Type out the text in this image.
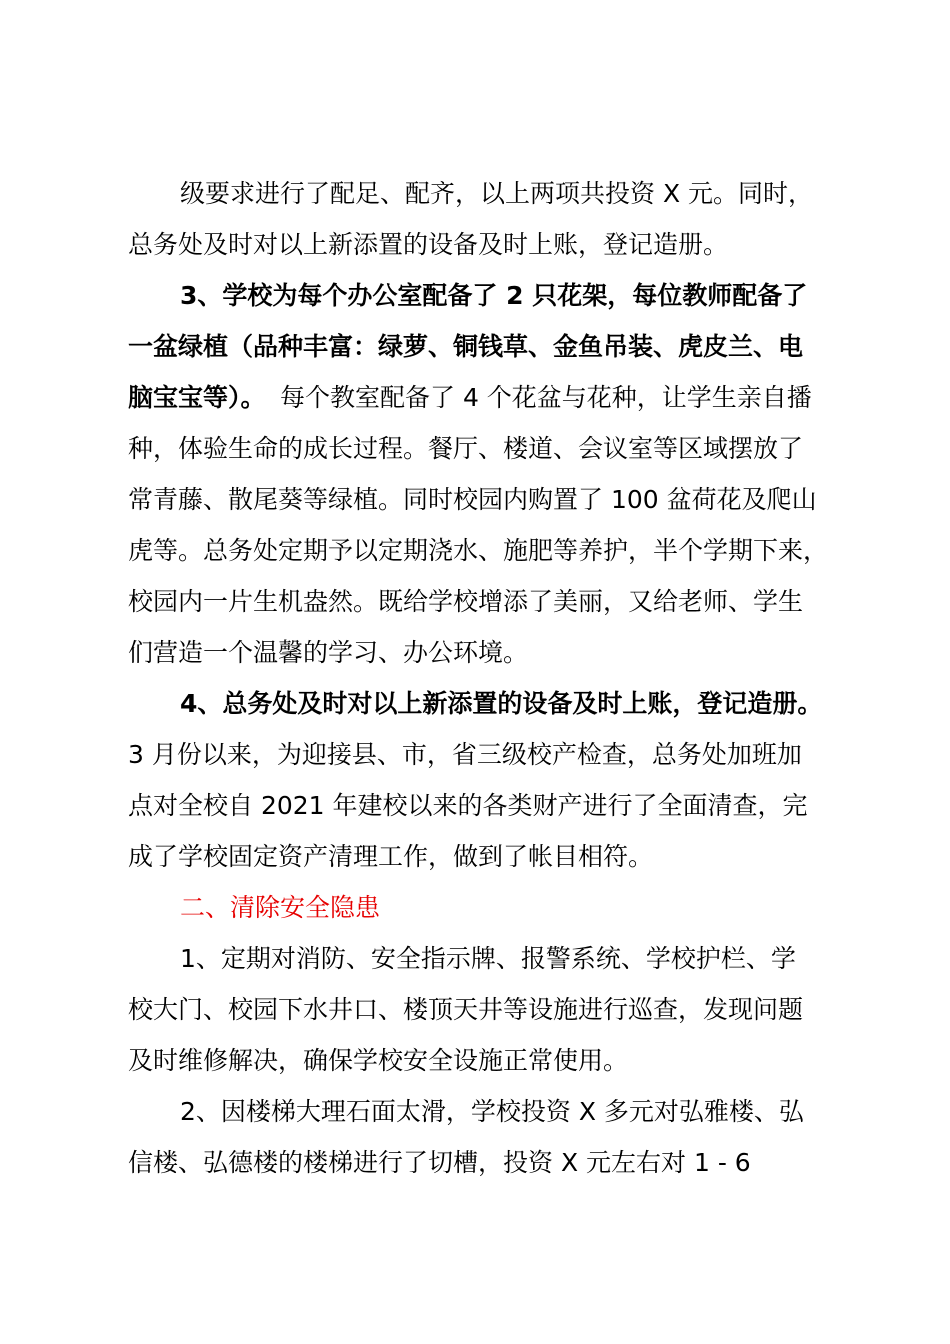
级要求进行了配足、配齐，以上两项共投资 X 元。同时，
总务处及时对以上新添置的设备及时上账，登记造册。
3、学校为每个办公室配备了 2 只花架，每位教师配备了
一盆绿植（品种丰富：绿萝、铜钱草、金鱼吊装、虎皮兰、电
脑宝宝等）。 每个教室配备了 4 个花盆与花种，让学生亲自播
种，体验生命的成长过程。餐厅、楼道、会议室等区域摆放了
常青藤、散尾葵等绿植。同时校园内购置了 100 盆荷花及爬山
虎等。总务处定期予以定期浇水、施肥等养护，半个学期下来，
校园内一片生机盎然。既给学校增添了美丽，又给老师、学生
们营造一个温馨的学习、办公环境。
4、总务处及时对以上新添置的设备及时上账，登记造册。
3 月份以来，为迎接县、市，省三级校产检查，总务处加班加
点对全校自 2021 年建校以来的各类财产进行了全面清查，完
成了学校固定资产清理工作，做到了帐目相符。
二、清除安全隐患
1、定期对消防、安全指示牌、报警系统、学校护栏、学
校大门、校园下水井口、楼顶天井等设施进行巡查，发现问题
及时维修解决，确保学校安全设施正常使用。
2、因楼梯大理石面太滑，学校投资 X 多元对弘雅楼、弘
信楼、弘德楼的楼梯进行了切槽，投资 X 元左右对 1 - 6
